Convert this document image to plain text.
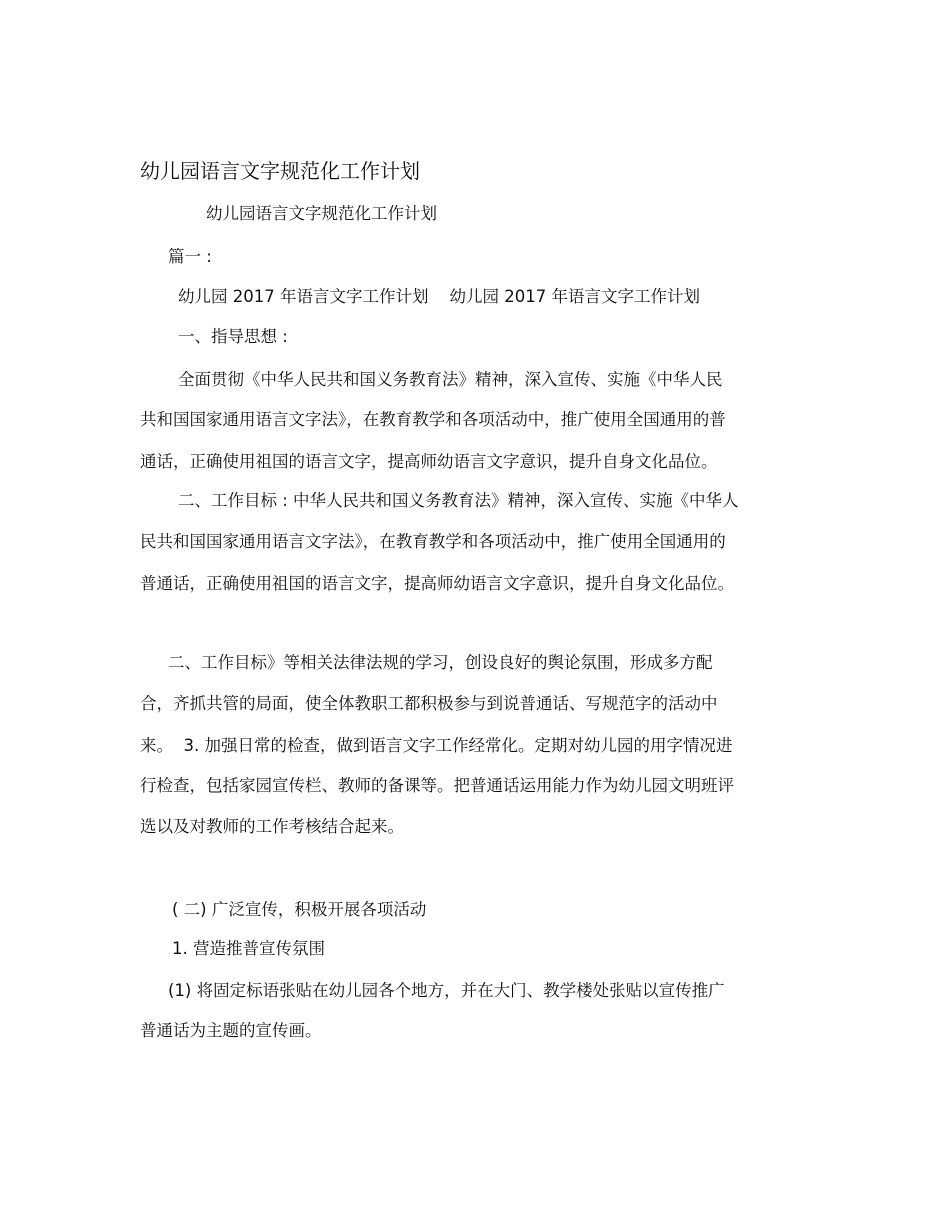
幼儿园语言文字规范化工作计划
幼儿园语言文字规范化工作计划
篇一 :
幼儿园 2017 年语言文字工作计划    幼儿园 2017 年语言文字工作计划
一、指导思想 :
全面贯彻《中华人民共和国义务教育法》精神，深入宣传、实施《中华人民
共和国国家通用语言文字法》，在教育教学和各项活动中，推广使用全国通用的普
通话，正确使用祖国的语言文字，提高师幼语言文字意识，提升自身文化品位。
二、工作目标 : 中华人民共和国义务教育法》精神，深入宣传、实施《中华人
民共和国国家通用语言文字法》，在教育教学和各项活动中，推广使用全国通用的
普通话，正确使用祖国的语言文字，提高师幼语言文字意识，提升自身文化品位。
二、工作目标》等相关法律法规的学习，创设良好的舆论氛围，形成多方配
合，齐抓共管的局面，使全体教职工都积极参与到说普通话、写规范字的活动中
来。  3. 加强日常的检查，做到语言文字工作经常化。定期对幼儿园的用字情况进
行检查，包括家园宣传栏、教师的备课等。把普通话运用能力作为幼儿园文明班评
选以及对教师的工作考核结合起来。
( 二) 广泛宣传，积极开展各项活动
1. 营造推普宣传氛围
(1) 将固定标语张贴在幼儿园各个地方，并在大门、教学楼处张贴以宣传推广
普通话为主题的宣传画。
